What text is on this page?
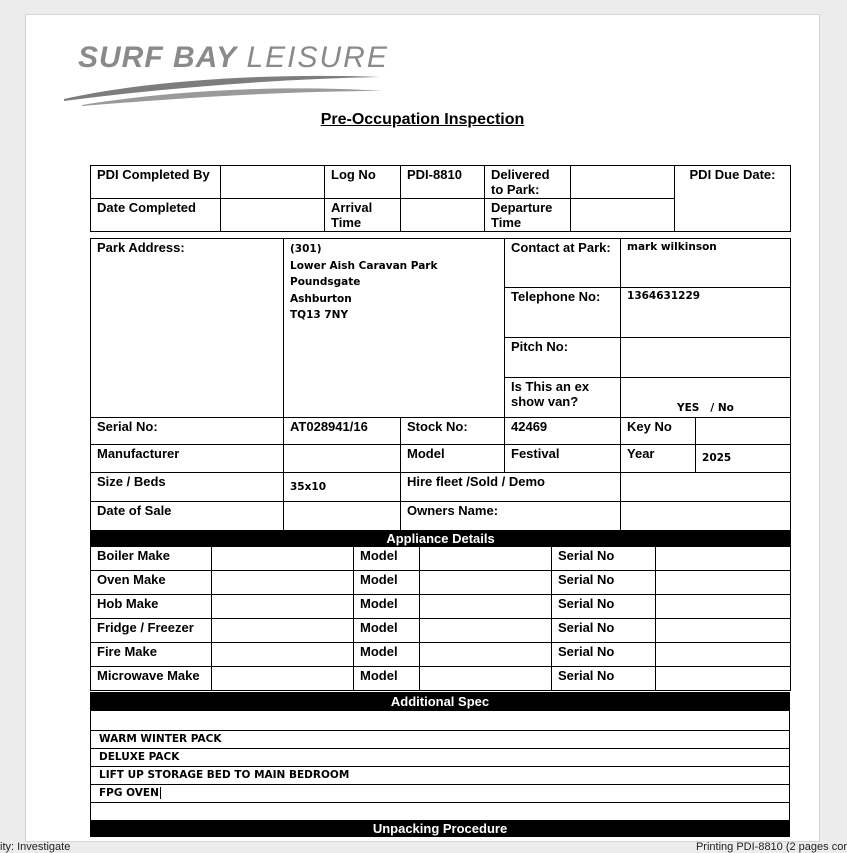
SURF BAY LEISURE
Pre-Occupation Inspection
PDI Completed By		Log No	PDI-8810	Delivered to Park:		PDI Due Date:
Date Completed		Arrival Time		Departure Time		
Park Address:	(301)
Lower Aish Caravan Park
Poundsgate
Ashburton
TQ13 7NY		Contact at Park:	mark wilkinson	
			Telephone No:	1364631229	
			Pitch No:		
			Is This an ex show van?	YES / No	
Serial No:	AT028941/16	Stock No:	42469	Key No	
Manufacturer		Model	Festival	Year	2025
Size / Beds	35x10	Hire fleet /Sold / Demo			
Date of Sale		Owners Name:			
Appliance Details					
Boiler Make		Model		Serial No	
Oven Make		Model		Serial No	
Hob Make		Model		Serial No	
Fridge / Freezer		Model		Serial No	
Fire Make		Model		Serial No	
Microwave Make		Model		Serial No	
Additional Spec

WARM WINTER PACK
DELUXE PACK
LIFT UP STORAGE BED TO MAIN BEDROOM
FPG OVEN

Unpacking Procedure
ity: Investigate	Printing PDI-8810 (2 pages cor
